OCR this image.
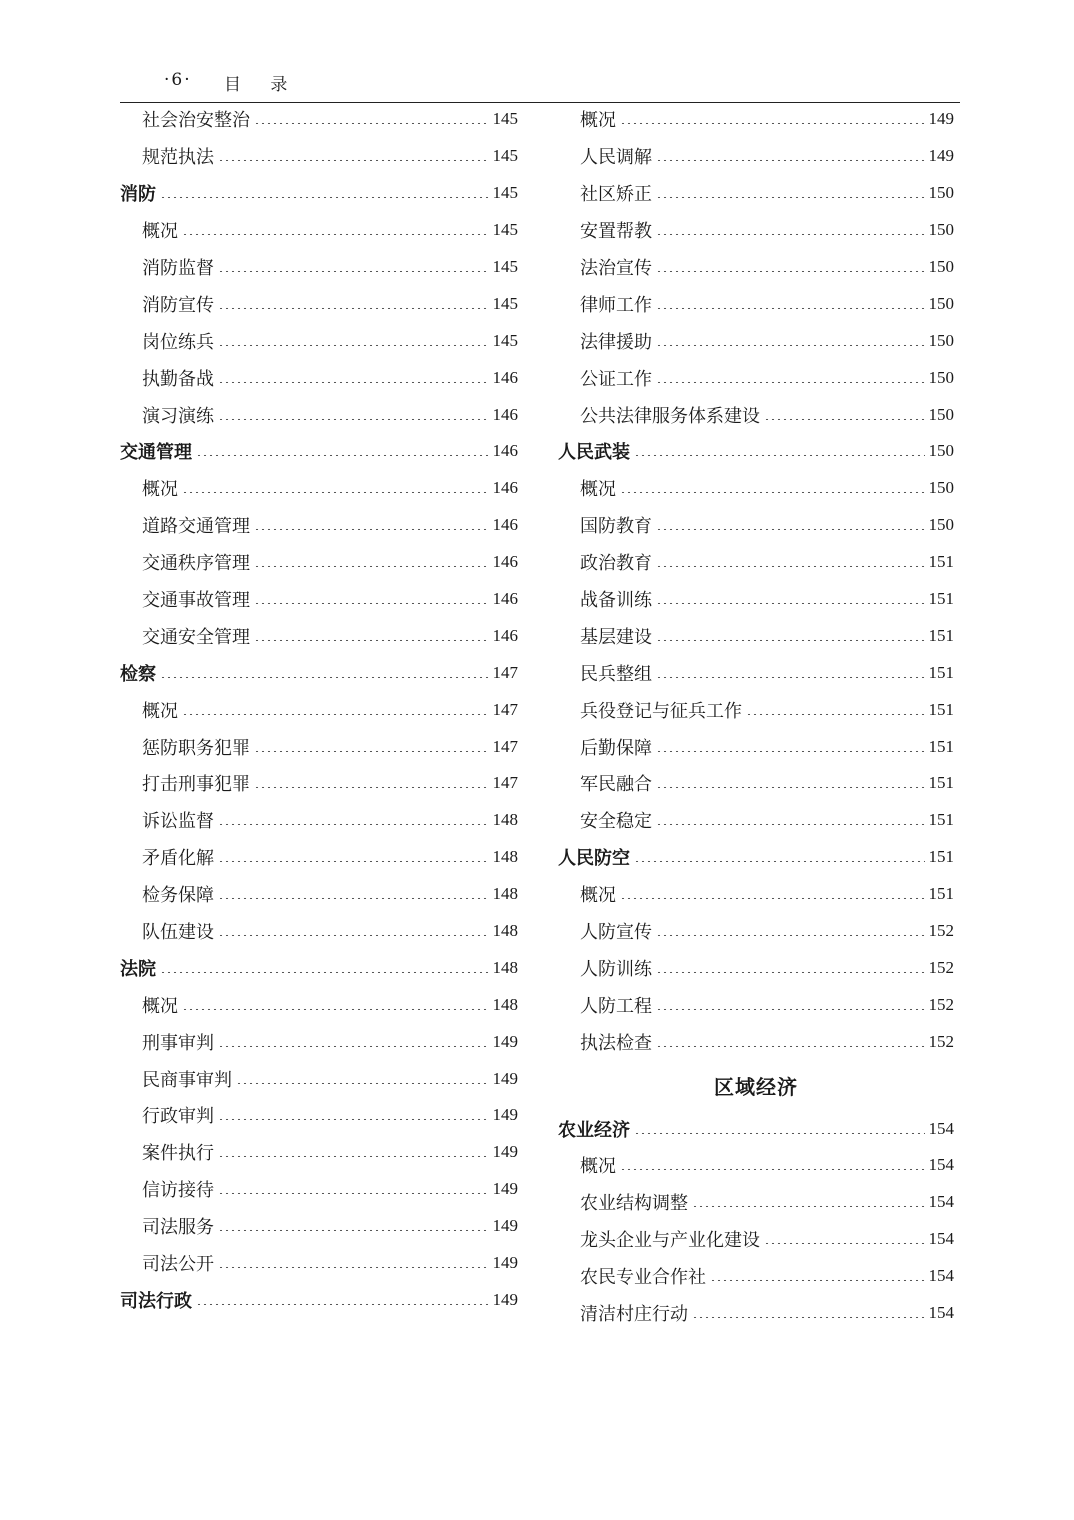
·6· 目 录
社会治安整治	145
规范执法	145
消防	145
概况	145
消防监督	145
消防宣传	145
岗位练兵	145
执勤备战	146
演习演练	146
交通管理	146
概况	146
道路交通管理	146
交通秩序管理	146
交通事故管理	146
交通安全管理	146
检察	147
概况	147
惩防职务犯罪	147
打击刑事犯罪	147
诉讼监督	148
矛盾化解	148
检务保障	148
队伍建设	148
法院	148
概况	148
刑事审判	149
民商事审判	149
行政审判	149
案件执行	149
信访接待	149
司法服务	149
司法公开	149
司法行政	149
概况	149
人民调解	149
社区矫正	150
安置帮教	150
法治宣传	150
律师工作	150
法律援助	150
公证工作	150
公共法律服务体系建设	150
人民武装	150
概况	150
国防教育	150
政治教育	151
战备训练	151
基层建设	151
民兵整组	151
兵役登记与征兵工作	151
后勤保障	151
军民融合	151
安全稳定	151
人民防空	151
概况	151
人防宣传	152
人防训练	152
人防工程	152
执法检查	152
区域经济
农业经济	154
概况	154
农业结构调整	154
龙头企业与产业化建设	154
农民专业合作社	154
清洁村庄行动	154
